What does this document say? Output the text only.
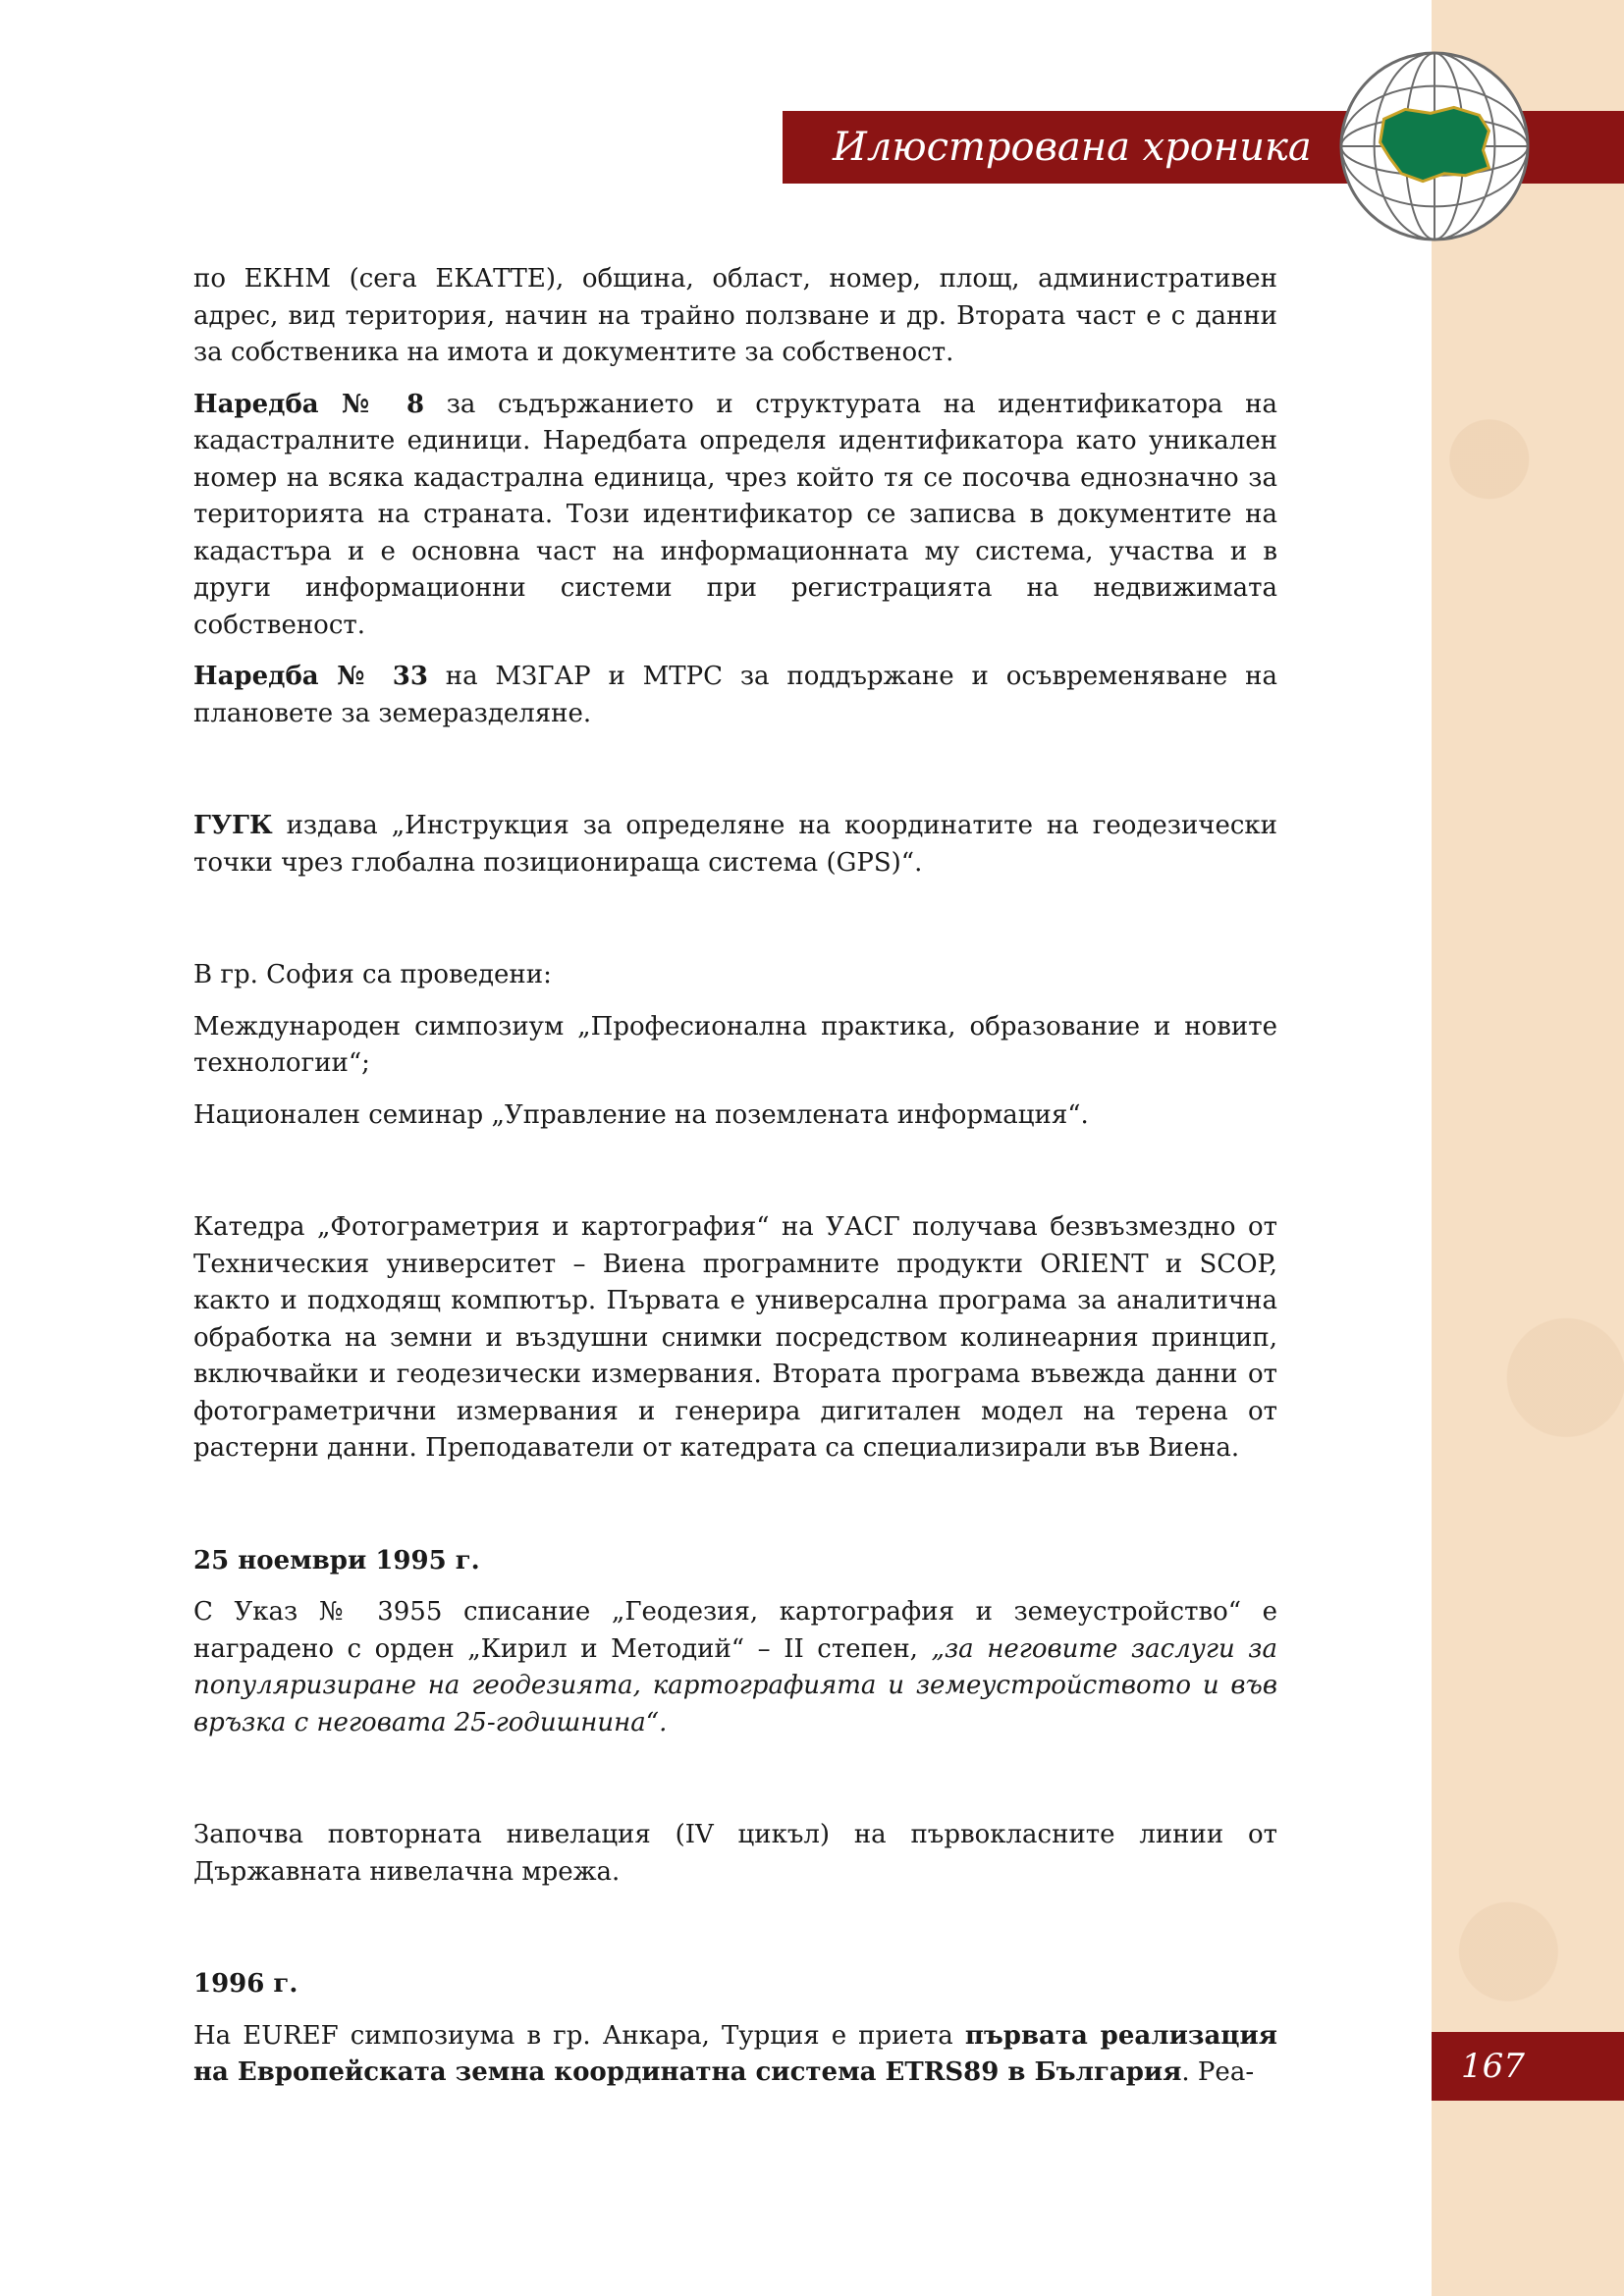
Илюстрована хроника
167

по ЕКНМ (сега ЕКАТТЕ), община, област, номер, площ, административен адрес, вид територия, начин на трайно ползване и др. Втората част е с данни за собственика на имота и документите за собственост.

Наредба № 8 за съдържанието и структурата на идентификатора на кадастралните единици. Наредбата определя идентификатора като уникален номер на всяка кадастрална единица, чрез който тя се посочва еднозначно за територията на страната. Този идентификатор се записва в документите на кадастъра и е основна част на информационната му система, участва и в други информационни системи при регистрацията на недвижимата собственост.

Наредба № 33 на МЗГАР и МТРС за поддържане и осъвременяване на плановете за земеразделяне.

ГУГК издава „Инструкция за определяне на координатите на геодезически точки чрез глобална позиционираща система (GPS)“.

В гр. София са проведени:

Международен симпозиум „Професионална практика, образование и новите технологии“;

Национален семинар „Управление на поземлената информация“.

Катедра „Фотограметрия и картография“ на УАСГ получава безвъзмездно от Техническия университет – Виена програмните продукти ORIENT и SCOP, както и подходящ компютър. Първата е универсална програма за аналитична обработка на земни и въздушни снимки посредством колинеарния принцип, включвайки и геодезически измервания. Втората програма въвежда данни от фотограметрични измервания и генерира дигитален модел на терена от растерни данни. Преподаватели от катедрата са специализирали във Виена.

25 ноември 1995 г.

С Указ № 3955 списание „Геодезия, картография и земеустройство“ е наградено с орден „Кирил и Методий“ – II степен, „за неговите заслуги за популяризиране на геодезията, картографията и земеустройството и във връзка с неговата 25-годишнина“.

Започва повторната нивелация (IV цикъл) на първокласните линии от Държавната нивелачна мрежа.

1996 г.

На EUREF симпозиума в гр. Анкара, Турция е приета първата реализация на Европейската земна координатна система ETRS89 в България. Реа-
